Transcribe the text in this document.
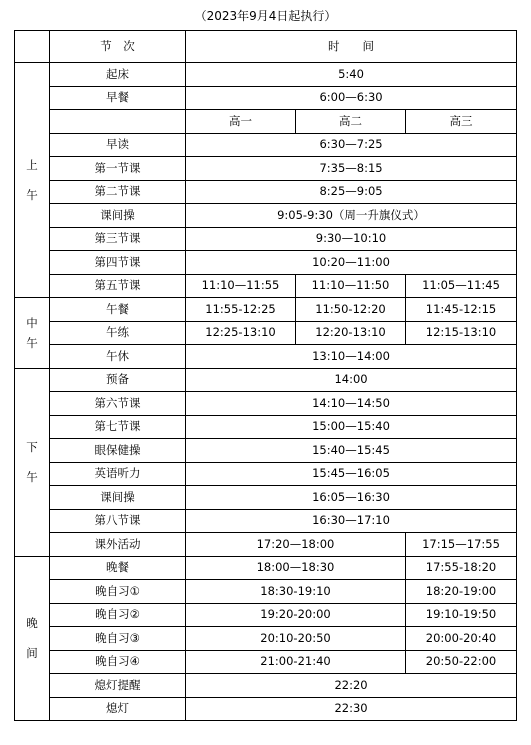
（2023年9月4日起执行）
	节　次	时　　间		

上
午	起床	5:40		
	早餐	6:00—6:30		
		高一	高二	高三
	早读	6:30—7:25		
	第一节课	7:35—8:15		
	第二节课	8:25—9:05		
	课间操	9:05-9:30（周一升旗仪式）		
	第三节课	9:30—10:10		
	第四节课	10:20—11:00		
	第五节课	11:10—11:55	11:10—11:50	11:05—11:45

中
午	午餐	11:55-12:25	11:50-12:20	11:45-12:15
	午练	12:25-13:10	12:20-13:10	12:15-13:10
	午休	13:10—14:00		

下
午	预备	14:00		
	第六节课	14:10—14:50		
	第七节课	15:00—15:40		
	眼保健操	15:40—15:45		
	英语听力	15:45—16:05		
	课间操	16:05—16:30		
	第八节课	16:30—17:10		
	课外活动	17:20—18:00		17:15—17:55

晚
间	晚餐	18:00—18:30		17:55-18:20
	晚自习①	18:30-19:10		18:20-19:00
	晚自习②	19:20-20:00		19:10-19:50
	晚自习③	20:10-20:50		20:00-20:40
	晚自习④	21:00-21:40		20:50-22:00
	熄灯提醒	22:20		
	熄灯	22:30		
